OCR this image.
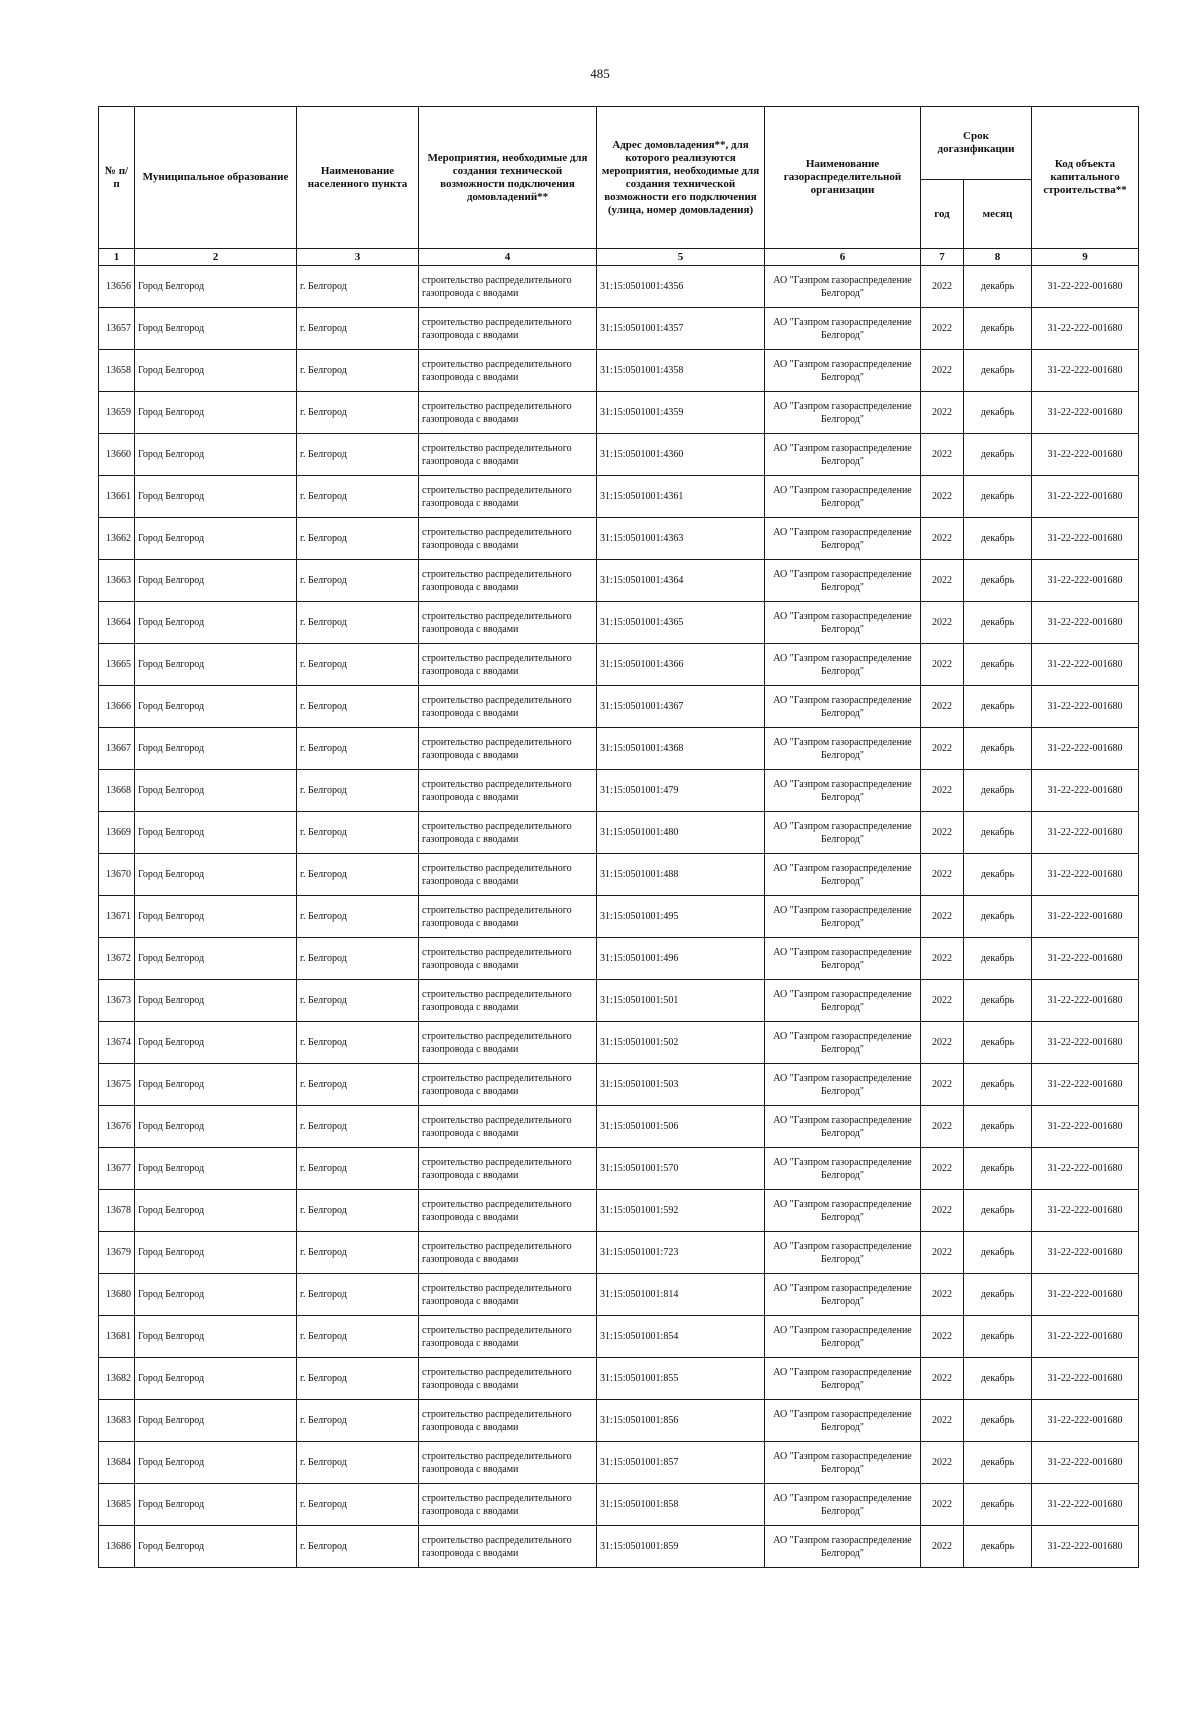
485
№ п/п	Муниципальное образование	Наименование населенного пункта	Мероприятия, необходимые для создания технической возможности подключения домовладений**	Адрес домовладения**, для которого реализуются мероприятия, необходимые для создания технической возможности его подключения (улица, номер домовладения)	Наименование газораспределительной организации	Срок догазификации		Код объекта капитального строительства**
						год	месяц	
1	2	3	4	5	6	7	8	9
13656	Город Белгород	г. Белгород	строительство распределительного газопровода с вводами	31:15:0501001:4356	АО "Газпром газораспределение Белгород"	2022	декабрь	31-22-222-001680
13657	Город Белгород	г. Белгород	строительство распределительного газопровода с вводами	31:15:0501001:4357	АО "Газпром газораспределение Белгород"	2022	декабрь	31-22-222-001680
13658	Город Белгород	г. Белгород	строительство распределительного газопровода с вводами	31:15:0501001:4358	АО "Газпром газораспределение Белгород"	2022	декабрь	31-22-222-001680
13659	Город Белгород	г. Белгород	строительство распределительного газопровода с вводами	31:15:0501001:4359	АО "Газпром газораспределение Белгород"	2022	декабрь	31-22-222-001680
13660	Город Белгород	г. Белгород	строительство распределительного газопровода с вводами	31:15:0501001:4360	АО "Газпром газораспределение Белгород"	2022	декабрь	31-22-222-001680
13661	Город Белгород	г. Белгород	строительство распределительного газопровода с вводами	31:15:0501001:4361	АО "Газпром газораспределение Белгород"	2022	декабрь	31-22-222-001680
13662	Город Белгород	г. Белгород	строительство распределительного газопровода с вводами	31:15:0501001:4363	АО "Газпром газораспределение Белгород"	2022	декабрь	31-22-222-001680
13663	Город Белгород	г. Белгород	строительство распределительного газопровода с вводами	31:15:0501001:4364	АО "Газпром газораспределение Белгород"	2022	декабрь	31-22-222-001680
13664	Город Белгород	г. Белгород	строительство распределительного газопровода с вводами	31:15:0501001:4365	АО "Газпром газораспределение Белгород"	2022	декабрь	31-22-222-001680
13665	Город Белгород	г. Белгород	строительство распределительного газопровода с вводами	31:15:0501001:4366	АО "Газпром газораспределение Белгород"	2022	декабрь	31-22-222-001680
13666	Город Белгород	г. Белгород	строительство распределительного газопровода с вводами	31:15:0501001:4367	АО "Газпром газораспределение Белгород"	2022	декабрь	31-22-222-001680
13667	Город Белгород	г. Белгород	строительство распределительного газопровода с вводами	31:15:0501001:4368	АО "Газпром газораспределение Белгород"	2022	декабрь	31-22-222-001680
13668	Город Белгород	г. Белгород	строительство распределительного газопровода с вводами	31:15:0501001:479	АО "Газпром газораспределение Белгород"	2022	декабрь	31-22-222-001680
13669	Город Белгород	г. Белгород	строительство распределительного газопровода с вводами	31:15:0501001:480	АО "Газпром газораспределение Белгород"	2022	декабрь	31-22-222-001680
13670	Город Белгород	г. Белгород	строительство распределительного газопровода с вводами	31:15:0501001:488	АО "Газпром газораспределение Белгород"	2022	декабрь	31-22-222-001680
13671	Город Белгород	г. Белгород	строительство распределительного газопровода с вводами	31:15:0501001:495	АО "Газпром газораспределение Белгород"	2022	декабрь	31-22-222-001680
13672	Город Белгород	г. Белгород	строительство распределительного газопровода с вводами	31:15:0501001:496	АО "Газпром газораспределение Белгород"	2022	декабрь	31-22-222-001680
13673	Город Белгород	г. Белгород	строительство распределительного газопровода с вводами	31:15:0501001:501	АО "Газпром газораспределение Белгород"	2022	декабрь	31-22-222-001680
13674	Город Белгород	г. Белгород	строительство распределительного газопровода с вводами	31:15:0501001:502	АО "Газпром газораспределение Белгород"	2022	декабрь	31-22-222-001680
13675	Город Белгород	г. Белгород	строительство распределительного газопровода с вводами	31:15:0501001:503	АО "Газпром газораспределение Белгород"	2022	декабрь	31-22-222-001680
13676	Город Белгород	г. Белгород	строительство распределительного газопровода с вводами	31:15:0501001:506	АО "Газпром газораспределение Белгород"	2022	декабрь	31-22-222-001680
13677	Город Белгород	г. Белгород	строительство распределительного газопровода с вводами	31:15:0501001:570	АО "Газпром газораспределение Белгород"	2022	декабрь	31-22-222-001680
13678	Город Белгород	г. Белгород	строительство распределительного газопровода с вводами	31:15:0501001:592	АО "Газпром газораспределение Белгород"	2022	декабрь	31-22-222-001680
13679	Город Белгород	г. Белгород	строительство распределительного газопровода с вводами	31:15:0501001:723	АО "Газпром газораспределение Белгород"	2022	декабрь	31-22-222-001680
13680	Город Белгород	г. Белгород	строительство распределительного газопровода с вводами	31:15:0501001:814	АО "Газпром газораспределение Белгород"	2022	декабрь	31-22-222-001680
13681	Город Белгород	г. Белгород	строительство распределительного газопровода с вводами	31:15:0501001:854	АО "Газпром газораспределение Белгород"	2022	декабрь	31-22-222-001680
13682	Город Белгород	г. Белгород	строительство распределительного газопровода с вводами	31:15:0501001:855	АО "Газпром газораспределение Белгород"	2022	декабрь	31-22-222-001680
13683	Город Белгород	г. Белгород	строительство распределительного газопровода с вводами	31:15:0501001:856	АО "Газпром газораспределение Белгород"	2022	декабрь	31-22-222-001680
13684	Город Белгород	г. Белгород	строительство распределительного газопровода с вводами	31:15:0501001:857	АО "Газпром газораспределение Белгород"	2022	декабрь	31-22-222-001680
13685	Город Белгород	г. Белгород	строительство распределительного газопровода с вводами	31:15:0501001:858	АО "Газпром газораспределение Белгород"	2022	декабрь	31-22-222-001680
13686	Город Белгород	г. Белгород	строительство распределительного газопровода с вводами	31:15:0501001:859	АО "Газпром газораспределение Белгород"	2022	декабрь	31-22-222-001680
